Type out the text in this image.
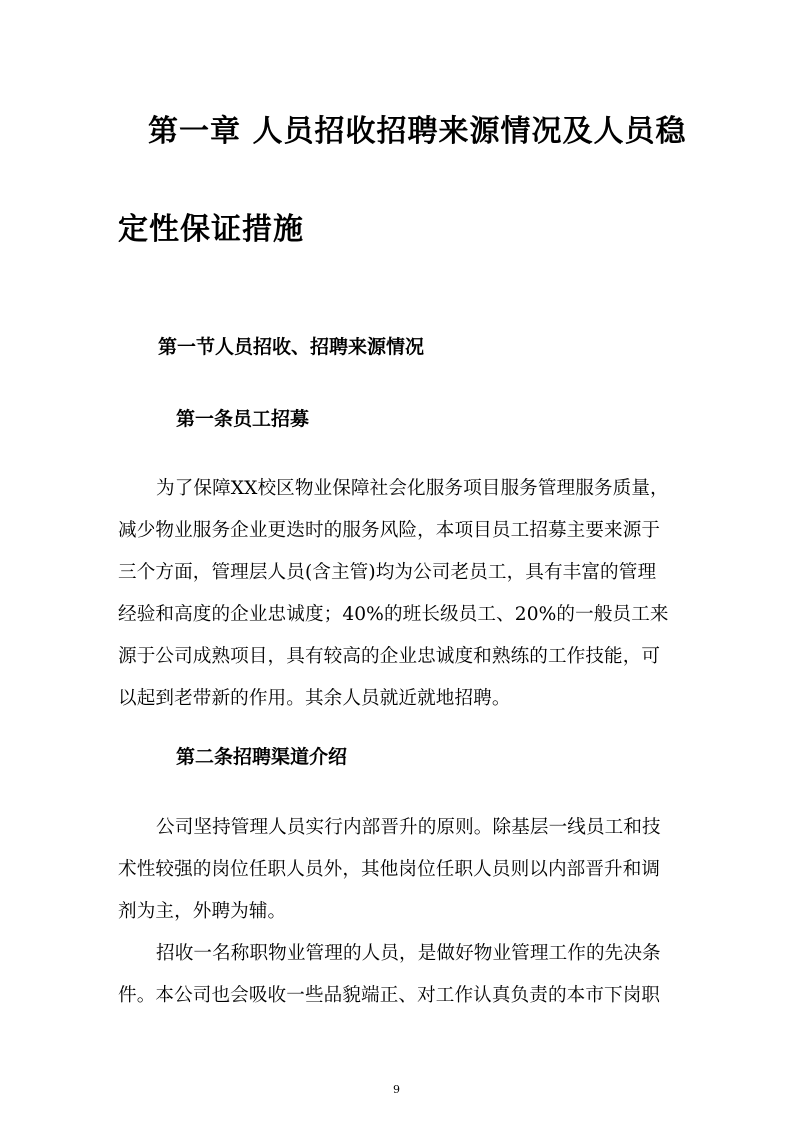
第一章 人员招收招聘来源情况及人员稳
定性保证措施
第一节人员招收、招聘来源情况
第一条员工招募
为了保障XX校区物业保障社会化服务项目服务管理服务质量，
减少物业服务企业更迭时的服务风险，本项目员工招募主要来源于
三个方面，管理层人员(含主管)均为公司老员工，具有丰富的管理
经验和高度的企业忠诚度；40%的班长级员工、20%的一般员工来
源于公司成熟项目，具有较高的企业忠诚度和熟练的工作技能，可
以起到老带新的作用。其余人员就近就地招聘。
第二条招聘渠道介绍
公司坚持管理人员实行内部晋升的原则。除基层一线员工和技
术性较强的岗位任职人员外，其他岗位任职人员则以内部晋升和调
剂为主，外聘为辅。
招收一名称职物业管理的人员，是做好物业管理工作的先决条
件。本公司也会吸收一些品貌端正、对工作认真负责的本市下岗职
9
